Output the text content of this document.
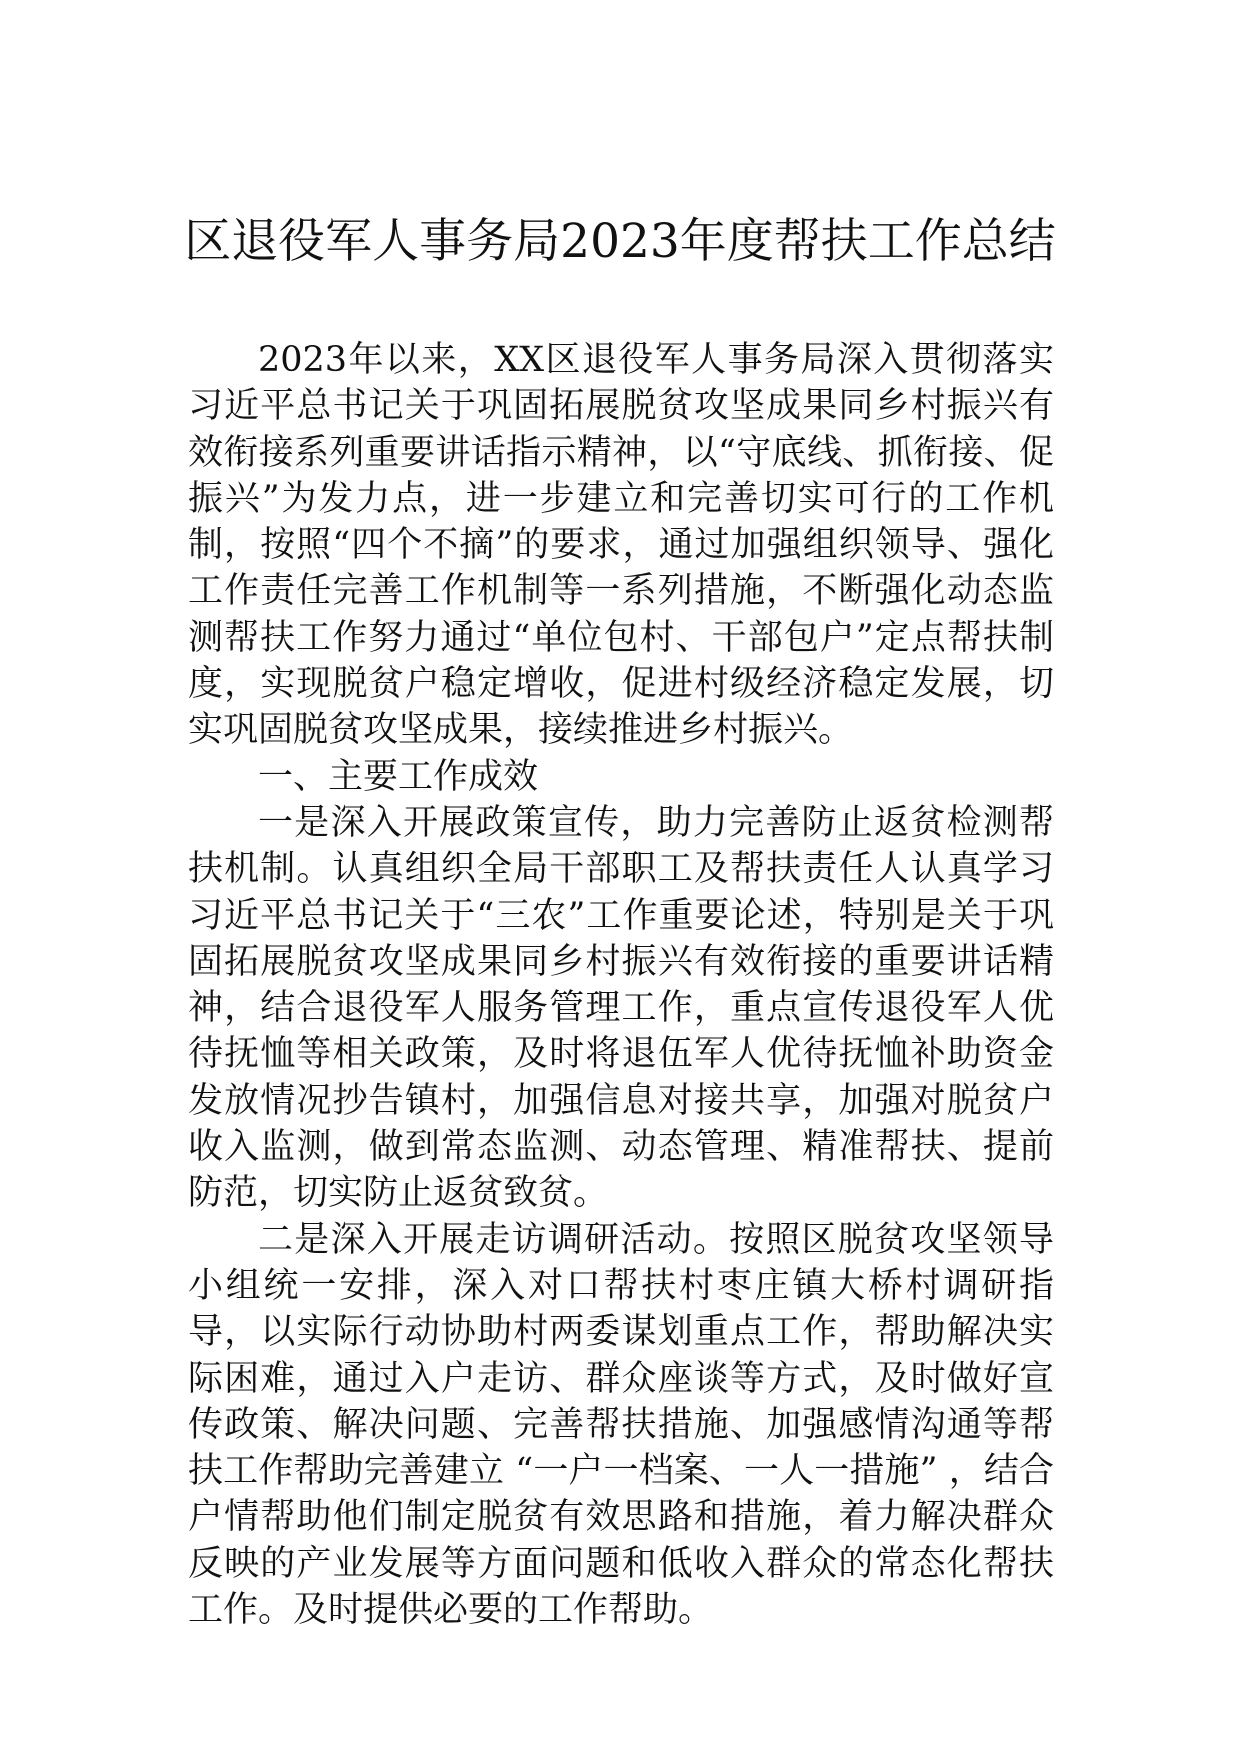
区退役军人事务局2023年度帮扶工作总结

2023年以来，XX区退役军人事务局深入贯彻落实习近平总书记关于巩固拓展脱贫攻坚成果同乡村振兴有效衔接系列重要讲话指示精神，以“守底线、抓衔接、促振兴”为发力点，进一步建立和完善切实可行的工作机制，按照“四个不摘”的要求，通过加强组织领导、强化工作责任完善工作机制等一系列措施，不断强化动态监测帮扶工作努力通过“单位包村、干部包户”定点帮扶制度，实现脱贫户稳定增收，促进村级经济稳定发展，切实巩固脱贫攻坚成果，接续推进乡村振兴。

一、主要工作成效

一是深入开展政策宣传，助力完善防止返贫检测帮扶机制。认真组织全局干部职工及帮扶责任人认真学习习近平总书记关于“三农”工作重要论述，特别是关于巩固拓展脱贫攻坚成果同乡村振兴有效衔接的重要讲话精神，结合退役军人服务管理工作，重点宣传退役军人优待抚恤等相关政策，及时将退伍军人优待抚恤补助资金发放情况抄告镇村，加强信息对接共享，加强对脱贫户收入监测，做到常态监测、动态管理、精准帮扶、提前防范，切实防止返贫致贫。

二是深入开展走访调研活动。按照区脱贫攻坚领导小组统一安排，深入对口帮扶村枣庄镇大桥村调研指导，以实际行动协助村两委谋划重点工作，帮助解决实际困难，通过入户走访、群众座谈等方式，及时做好宣传政策、解决问题、完善帮扶措施、加强感情沟通等帮扶工作帮助完善建立 “一户一档案、一人一措施” ，结合户情帮助他们制定脱贫有效思路和措施，着力解决群众反映的产业发展等方面问题和低收入群众的常态化帮扶工作。及时提供必要的工作帮助。
